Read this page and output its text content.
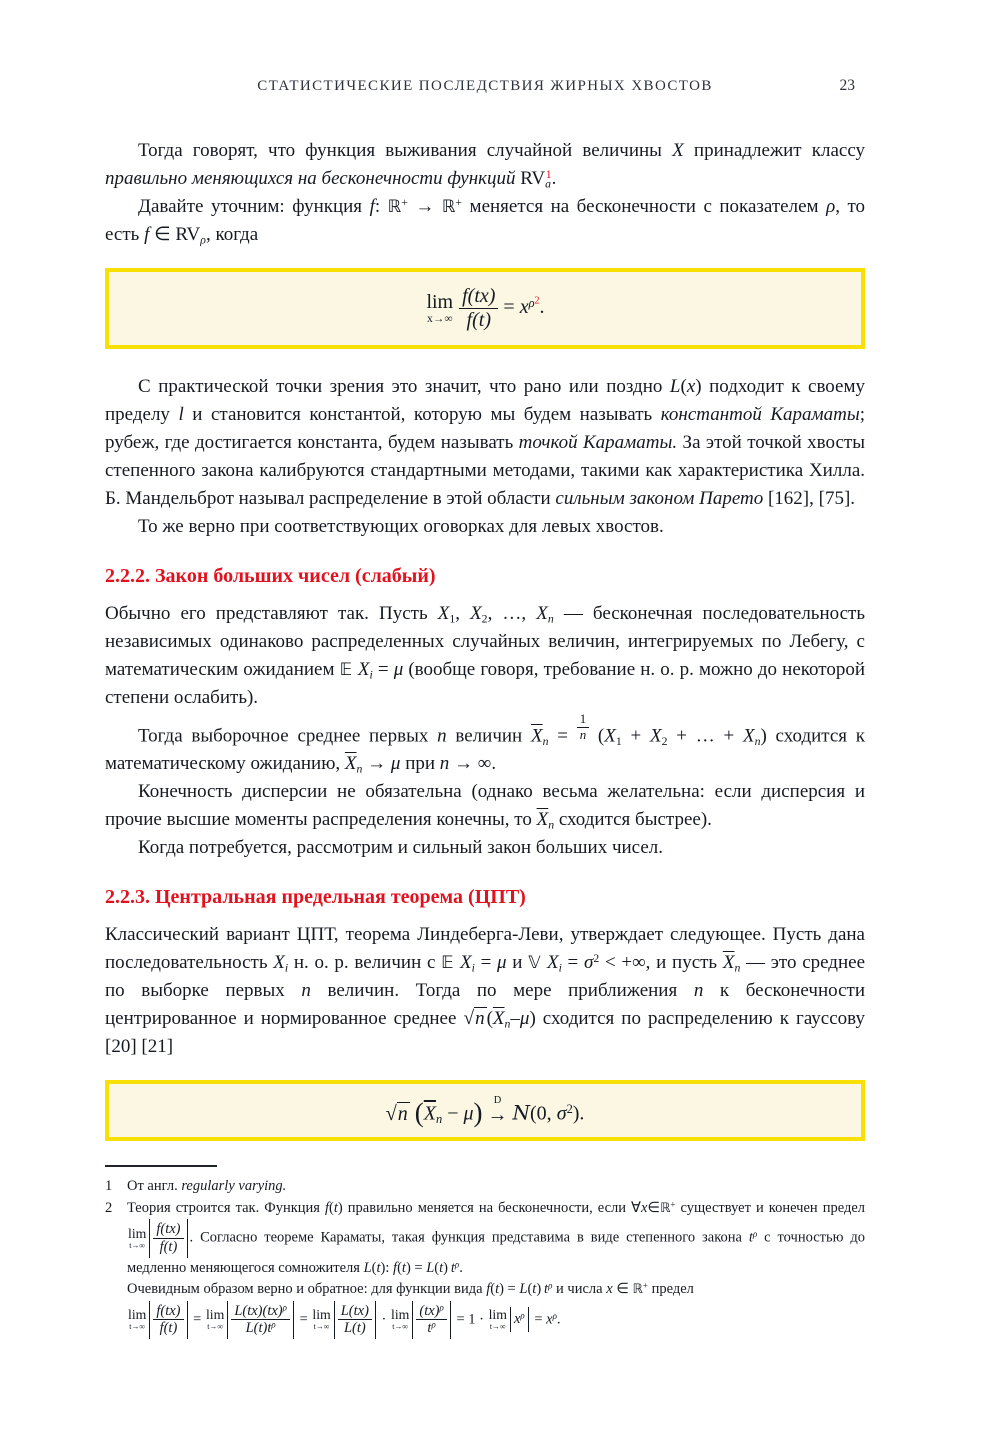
СТАТИСТИЧЕСКИЕ ПОСЛЕДСТВИЯ ЖИРНЫХ ХВОСТОВ	23

Тогда говорят, что функция выживания случайной величины X принадлежит классу правильно меняющихся на бесконечности функций $RV_a^1$.

Давайте уточним: функция f: ℝ+ → ℝ+ меняется на бесконечности с показателем ρ, то есть f ∈ $RV_\rho$, когда

lim
x→∞
$\frac{f(tx)}{f(t)} = x^{\rho 2}$.

С практической точки зрения это значит, что рано или поздно L(x) подходит к своему пределу l и становится константой, которую мы будем называть константой Караматы; рубеж, где достигается константа, будем называть точкой Караматы. За этой точкой хвосты степенного закона калибруются стандартными методами, такими как характеристика Хилла. Б. Мандельброт называл распределение в этой области сильным законом Парето [162], [75].

То же верно при соответствующих оговорках для левых хвостов.

2.2.2. Закон больших чисел (слабый)

Обычно его представляют так. Пусть $X_1$, $X_2$, …, $X_n$ — бесконечная последовательность независимых одинаково распределенных случайных величин, интегрируемых по Лебегу, с математическим ожиданием 𝔼 $X_i = \mu$ (вообще говоря, требование н. о. р. можно до некоторой степени ослабить).

Тогда выборочное среднее первых n величин $\overline{X}_n = \frac{1}{n} (X_1 + X_2$ + … + $X_n$) сходится к математическому ожиданию, $\overline{X}_n \to \mu$ при n → ∞.

Конечность дисперсии не обязательна (однако весьма желательна: если дисперсия и прочие высшие моменты распределения конечны, то $\overline{X}_n$ сходится быстрее).

Когда потребуется, рассмотрим и сильный закон больших чисел.

2.2.3. Центральная предельная теорема (ЦПТ)

Классический вариант ЦПТ, теорема Линдеберга-Леви, утверждает следующее. Пусть дана последовательность $X_i$ н. о. р. величин с 𝔼 $X_i = \mu$ и 𝕍 $X_i = \sigma^2$ < +∞, и пусть $\overline{X}_n$ — это среднее по выборке первых n величин. Тогда по мере приближения n к бесконечности центрированное и нормированное среднее √n $(\overline{X}_n-\mu)$ сходится по распределению к гауссову [20] [21]

√n $(\overline{X}_n - \mu)$	D
→ N(0, $\sigma^2$).
1	От англ. regularly varying.
2	Теория строится так. Функция f(t) правильно меняется на бесконечности, если ∀x∈ℝ+ существует и конечен предел
lim
$t\to\infty \frac{f(tx)}{f(t)}$ . Согласно теореме Караматы, такая функция представима в виде степенного закона $t^\rho$ с точностью до медленно меняющегося сомножителя L(t): f(t) = L(t) $t^\rho$.
Очевидным образом верно и обратное: для функции вида f(t) = L(t) $t^\rho$ и числа x ∈ ℝ+ предел

lim
$t\to\infty \frac{f(tx)}{f(t)} = \lim$
$t\to\infty \frac{L(tx)(tx)^\rho}{L(t)t^\rho} = \lim$
$t\to\infty \frac{L(tx)}{L(t)} \cdot \lim$
$t\to\infty \frac{(tx)^\rho}{t^\rho} = 1 \cdot \lim$
t→∞ $x^\rho = x^\rho$.
